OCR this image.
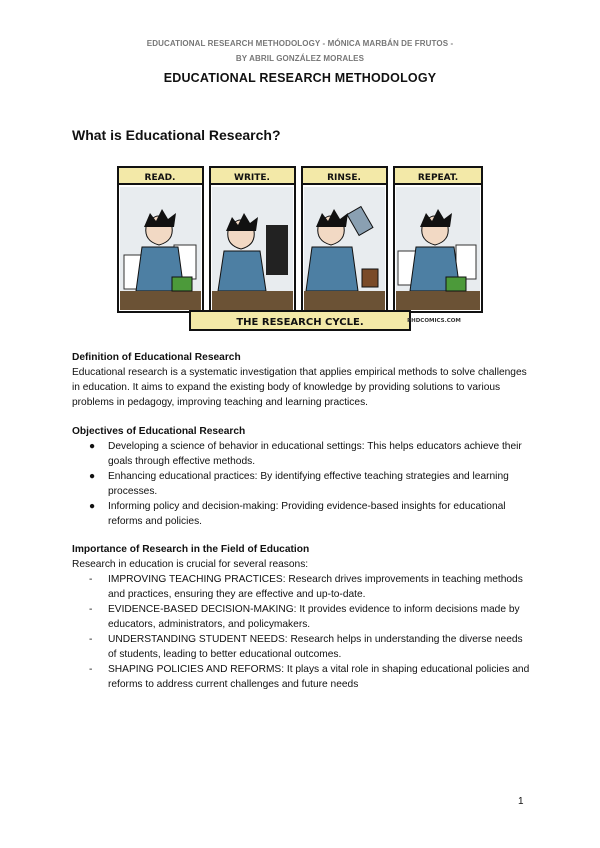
EDUCATIONAL RESEARCH METHODOLOGY - MÓNICA MARBÁN DE FRUTOS -
BY ABRIL GONZÁLEZ MORALES
EDUCATIONAL RESEARCH METHODOLOGY
What is Educational Research?
READ.	WRITE.	RINSE.	REPEAT.
THE RESEARCH CYCLE.	PHDCOMICS.COM
Definition of Educational Research

Educational research is a systematic investigation that applies empirical methods to solve challenges in education. It aims to expand the existing body of knowledge by providing solutions to various problems in pedagogy, improving teaching and learning practices.

Objectives of Educational Research
● Developing a science of behavior in educational settings: This helps educators achieve their goals through effective methods.
● Enhancing educational practices: By identifying effective teaching strategies and learning processes.
● Informing policy and decision-making: Providing evidence-based insights for educational reforms and policies.
Importance of Research in the Field of Education

Research in education is crucial for several reasons:

- IMPROVING TEACHING PRACTICES: Research drives improvements in teaching methods and practices, ensuring they are effective and up-to-date.
- EVIDENCE-BASED DECISION-MAKING: It provides evidence to inform decisions made by educators, administrators, and policymakers.
- UNDERSTANDING STUDENT NEEDS: Research helps in understanding the diverse needs of students, leading to better educational outcomes.
- SHAPING POLICIES AND REFORMS: It plays a vital role in shaping educational policies and reforms to address current challenges and future needs
1
